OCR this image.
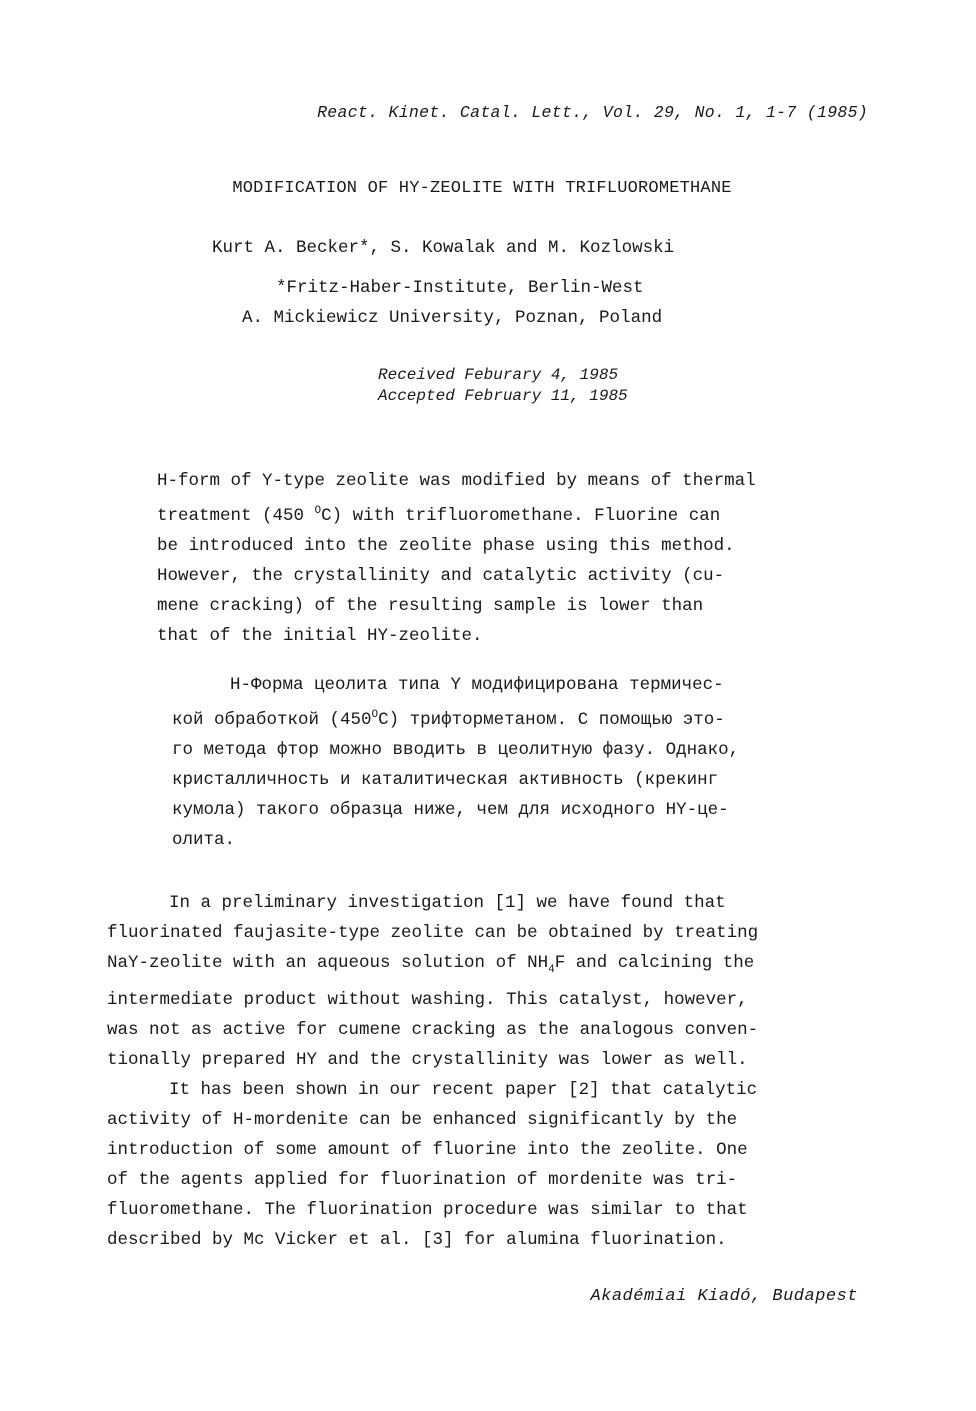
React. Kinet. Catal. Lett., Vol. 29, No. 1, 1-7 (1985)
MODIFICATION OF HY-ZEOLITE WITH TRIFLUOROMETHANE
Kurt A. Becker*, S. Kowalak and M. Kozlowski
*Fritz-Haber-Institute, Berlin-West
A. Mickiewicz University, Poznan, Poland
Received Feburary 4, 1985
Accepted February 11, 1985
H-form of Y-type zeolite was modified by means of thermal
treatment (450 $^O$C) with trifluoromethane. Fluorine can
be introduced into the zeolite phase using this method.
However, the crystallinity and catalytic activity (cu-
mene cracking) of the resulting sample is lower than
that of the initial HY-zeolite.
Н-Форма цеолита типа Y модифицирована термичес-
кой обработкой $(450^OC)$ трифторметаном. С помощью это-
го метода фтор можно вводить в цеолитную фазу. Однако,
кристалличность и каталитическая активность (крекинг
кумола) такого образца ниже, чем для исходного HY-це-
олита.
In a preliminary investigation [1] we have found that
fluorinated faujasite-type zeolite can be obtained by treating
NaY-zeolite with an aqueous solution of $NH_4F$ and calcining the
intermediate product without washing. This catalyst, however,
was not as active for cumene cracking as the analogous conven-
tionally prepared HY and the crystallinity was lower as well.
It has been shown in our recent paper [2] that catalytic
activity of H-mordenite can be enhanced significantly by the
introduction of some amount of fluorine into the zeolite. One
of the agents applied for fluorination of mordenite was tri-
fluoromethane. The fluorination procedure was similar to that
described by Mc Vicker et al. [3] for alumina fluorination.
Akadémiai Kiadó, Budapest
